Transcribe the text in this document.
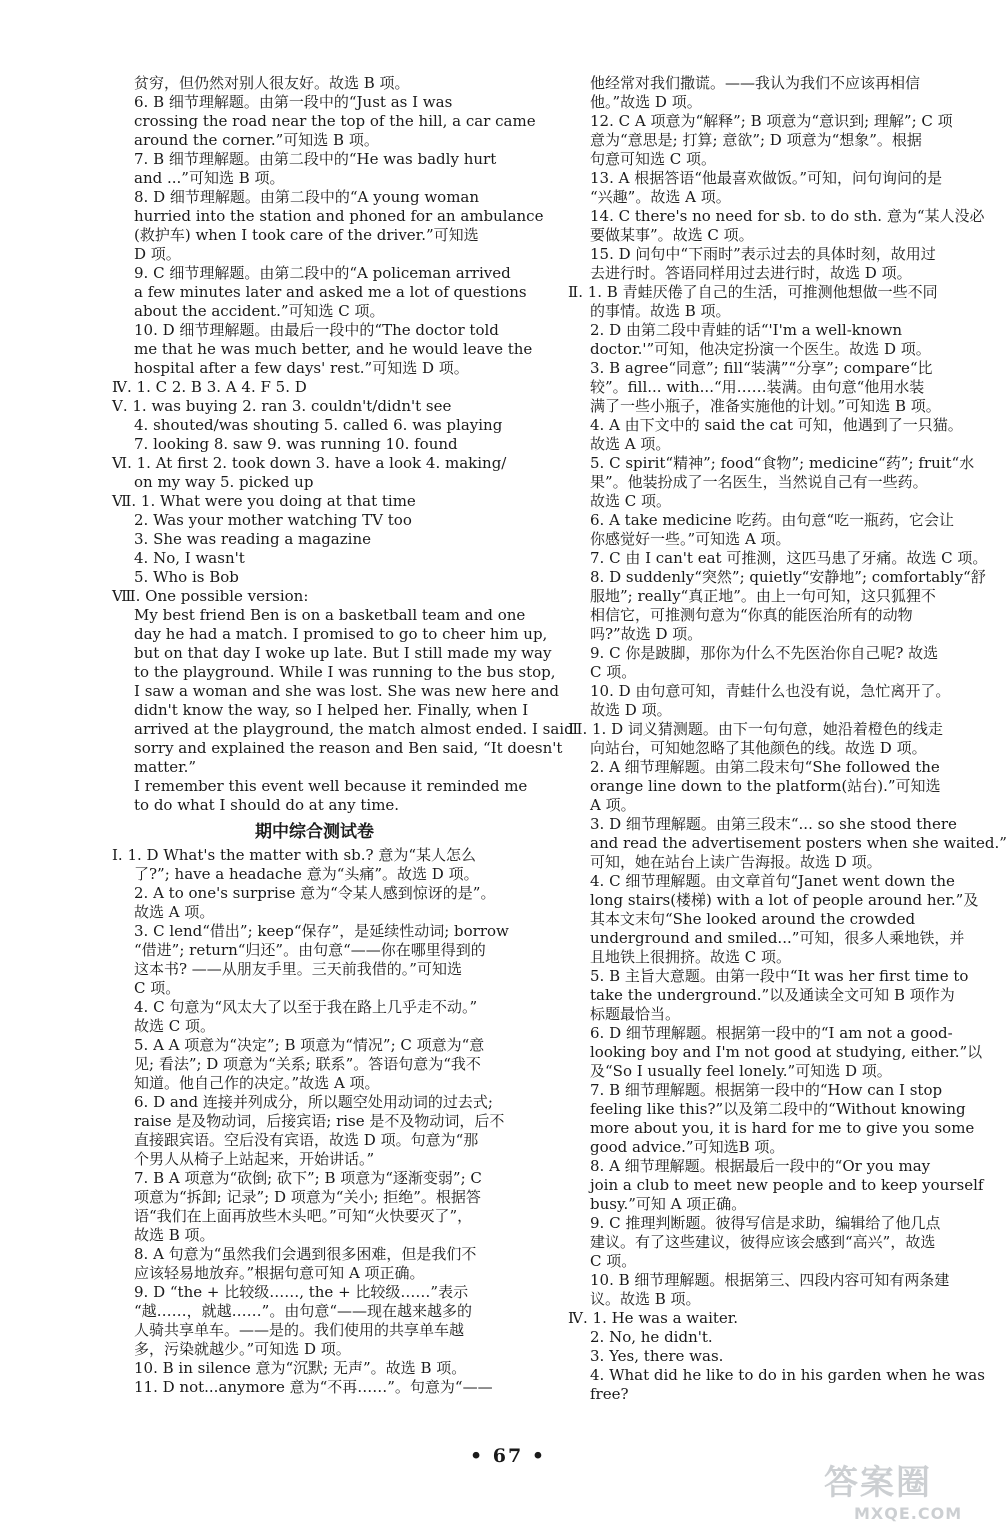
贫穷，但仍然对别人很友好。故选 B 项。
6. B 细节理解题。由第一段中的“Just as I was
crossing the road near the top of the hill, a car came
around the corner.”可知选 B 项。
7. B 细节理解题。由第二段中的“He was badly hurt
and ...”可知选 B 项。
8. D 细节理解题。由第二段中的“A young woman
hurried into the station and phoned for an ambulance
(救护车) when I took care of the driver.”可知选
D 项。
9. C 细节理解题。由第二段中的“A policeman arrived
a few minutes later and asked me a lot of questions
about the accident.”可知选 C 项。
10. D 细节理解题。由最后一段中的“The doctor told
me that he was much better, and he would leave the
hospital after a few days' rest.”可知选 D 项。
Ⅳ. 1. C 2. B 3. A 4. F 5. D
Ⅴ. 1. was buying 2. ran 3. couldn't/didn't see
4. shouted/was shouting 5. called 6. was playing
7. looking 8. saw 9. was running 10. found
Ⅵ. 1. At first 2. took down 3. have a look 4. making/
on my way 5. picked up
Ⅶ. 1. What were you doing at that time
2. Was your mother watching TV too
3. She was reading a magazine
4. No, I wasn't
5. Who is Bob
Ⅷ. One possible version:
My best friend Ben is on a basketball team and one
day he had a match. I promised to go to cheer him up,
but on that day I woke up late. But I still made my way
to the playground. While I was running to the bus stop,
I saw a woman and she was lost. She was new here and
didn't know the way, so I helped her. Finally, when I
arrived at the playground, the match almost ended. I said
sorry and explained the reason and Ben said, “It doesn't
matter.”
I remember this event well because it reminded me
to do what I should do at any time.
期中综合测试卷
Ⅰ. 1. D What's the matter with sb.? 意为“某人怎么
了?”; have a headache 意为“头痛”。故选 D 项。
2. A to one's surprise 意为“令某人感到惊讶的是”。
故选 A 项。
3. C lend“借出”; keep“保存”，是延续性动词; borrow
“借进”; return“归还”。由句意“——你在哪里得到的
这本书? ——从朋友手里。三天前我借的。”可知选
C 项。
4. C 句意为“风太大了以至于我在路上几乎走不动。”
故选 C 项。
5. A A 项意为“决定”; B 项意为“情况”; C 项意为“意
见; 看法”; D 项意为“关系; 联系”。答语句意为“我不
知道。他自己作的决定。”故选 A 项。
6. D and 连接并列成分，所以题空处用动词的过去式;
raise 是及物动词，后接宾语; rise 是不及物动词，后不
直接跟宾语。空后没有宾语，故选 D 项。句意为“那
个男人从椅子上站起来，开始讲话。”
7. B A 项意为“砍倒; 砍下”; B 项意为“逐渐变弱”; C
项意为“拆卸; 记录”; D 项意为“关小; 拒绝”。根据答
语“我们在上面再放些木头吧。”可知“火快要灭了”，
故选 B 项。
8. A 句意为“虽然我们会遇到很多困难，但是我们不
应该轻易地放弃。”根据句意可知 A 项正确。
9. D “the + 比较级……, the + 比较级……”表示
“越……，就越……”。由句意“——现在越来越多的
人骑共享单车。——是的。我们使用的共享单车越
多，污染就越少。”可知选 D 项。
10. B in silence 意为“沉默; 无声”。故选 B 项。
11. D not...anymore 意为“不再……”。句意为“——
他经常对我们撒谎。——我认为我们不应该再相信
他。”故选 D 项。
12. C A 项意为“解释”; B 项意为“意识到; 理解”; C 项
意为“意思是; 打算; 意欲”; D 项意为“想象”。根据
句意可知选 C 项。
13. A 根据答语“他最喜欢做饭。”可知，问句询问的是
“兴趣”。故选 A 项。
14. C there's no need for sb. to do sth. 意为“某人没必
要做某事”。故选 C 项。
15. D 问句中“下雨时”表示过去的具体时刻，故用过
去进行时。答语同样用过去进行时，故选 D 项。
Ⅱ. 1. B 青蛙厌倦了自己的生活，可推测他想做一些不同
的事情。故选 B 项。
2. D 由第二段中青蛙的话“'I'm a well-known
doctor.'”可知，他决定扮演一个医生。故选 D 项。
3. B agree“同意”; fill“装满”“分享”; compare“比
较”。fill... with...“用……装满。由句意“他用水装
满了一些小瓶子，准备实施他的计划。”可知选 B 项。
4. A 由下文中的 said the cat 可知，他遇到了一只猫。
故选 A 项。
5. C spirit“精神”; food“食物”; medicine“药”; fruit“水
果”。他装扮成了一名医生，当然说自己有一些药。
故选 C 项。
6. A take medicine 吃药。由句意“吃一瓶药，它会让
你感觉好一些。”可知选 A 项。
7. C 由 I can't eat 可推测，这匹马患了牙痛。故选 C 项。
8. D suddenly“突然”; quietly“安静地”; comfortably“舒
服地”; really“真正地”。由上一句可知，这只狐狸不
相信它，可推测句意为“你真的能医治所有的动物
吗?”故选 D 项。
9. C 你是跛脚，那你为什么不先医治你自己呢? 故选
C 项。
10. D 由句意可知，青蛙什么也没有说，急忙离开了。
故选 D 项。
Ⅲ. 1. D 词义猜测题。由下一句句意，她沿着橙色的线走
向站台，可知她忽略了其他颜色的线。故选 D 项。
2. A 细节理解题。由第二段末句“She followed the
orange line down to the platform(站台).”可知选
A 项。
3. D 细节理解题。由第三段末“... so she stood there
and read the advertisement posters when she waited.”
可知，她在站台上读广告海报。故选 D 项。
4. C 细节理解题。由文章首句“Janet went down the
long stairs(楼梯) with a lot of people around her.”及
其本文末句“She looked around the crowded
underground and smiled...”可知，很多人乘地铁，并
且地铁上很拥挤。故选 C 项。
5. B 主旨大意题。由第一段中“It was her first time to
take the underground.”以及通读全文可知 B 项作为
标题最恰当。
6. D 细节理解题。根据第一段中的“I am not a good-
looking boy and I'm not good at studying, either.”以
及“So I usually feel lonely.”可知选 D 项。
7. B 细节理解题。根据第一段中的“How can I stop
feeling like this?”以及第二段中的“Without knowing
more about you, it is hard for me to give you some
good advice.”可知选B 项。
8. A 细节理解题。根据最后一段中的“Or you may
join a club to meet new people and to keep yourself
busy.”可知 A 项正确。
9. C 推理判断题。彼得写信是求助，编辑给了他几点
建议。有了这些建议，彼得应该会感到“高兴”，故选
C 项。
10. B 细节理解题。根据第三、四段内容可知有两条建
议。故选 B 项。
Ⅳ. 1. He was a waiter.
2. No, he didn't.
3. Yes, there was.
4. What did he like to do in his garden when he was
free?
• 67 •
答案圈
MXQE.COM
